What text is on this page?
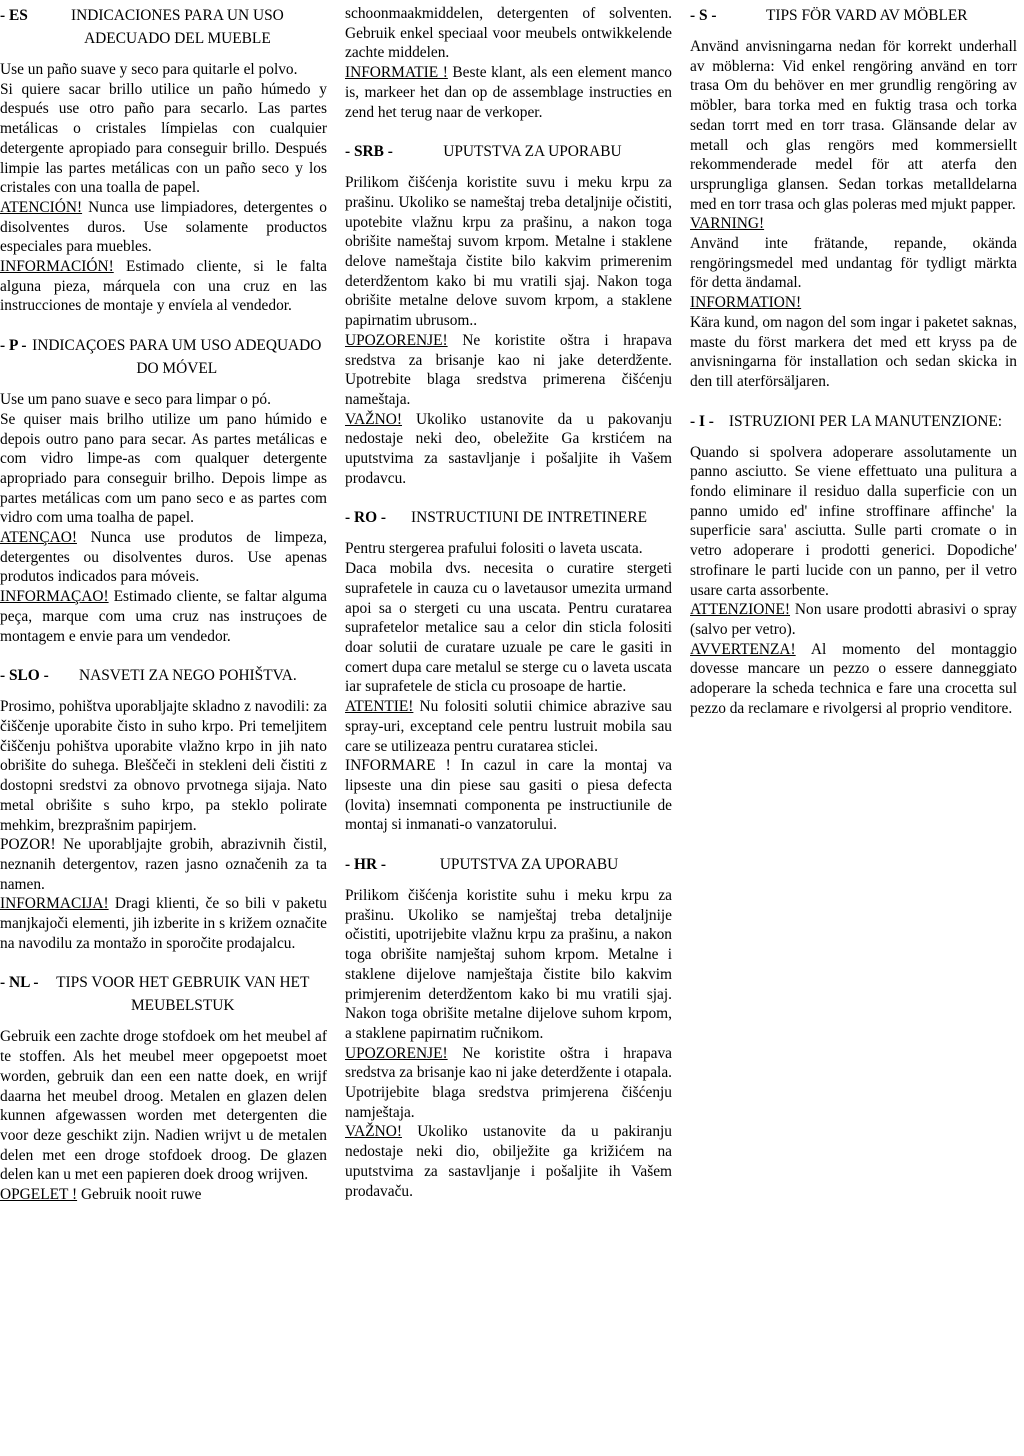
- ES	INDICACIONES PARA UN USO ADECUADO DEL MUEBLE

Use un paño suave y seco para quitarle el polvo.

Si quiere sacar brillo utilice un paño húmedo y después use otro paño para secarlo. Las partes metálicas o cristales límpielas con cualquier detergente apropiado para conseguir brillo. Después limpie las partes metálicas con un paño seco y los cristales con una toalla de papel.

ATENCIÓN! Nunca use limpiadores, detergentes o disolventes duros. Use solamente productos especiales para muebles.

INFORMACIÓN! Estimado cliente, si le falta alguna pieza, márquela con una cruz en las instrucciones de montaje y envíela al vendedor.

- P - INDICAÇOES PARA UM USO ADEQUADO DO MÓVEL

Use um pano suave e seco para limpar o pó.

Se quiser mais brilho utilize um pano húmido e depois outro pano para secar. As partes metálicas e com vidro limpe-as com qualquer detergente apropriado para conseguir brilho. Depois limpe as partes metálicas com um pano seco e as partes com vidro com uma toalha de papel.

ATENÇAO! Nunca use produtos de limpeza, detergentes ou disolventes duros. Use apenas produtos indicados para móveis.

INFORMAÇAO! Estimado cliente, se faltar alguma peça, marque com uma cruz nas instruçoes de montagem e envie para um vendedor.

- SLO -	NASVETI ZA NEGO POHIŠTVA.

Prosimo, pohištva uporabljajte skladno z navodili: za čiščenje uporabite čisto in suho krpo. Pri temeljitem čiščenju pohištva uporabite vlažno krpo in jih nato obrišite do suhega. Bleščeči in stekleni deli čistiti z dostopni sredstvi za obnovo prvotnega sijaja. Nato metal obrišite s suho krpo, pa steklo polirate mehkim, brezprašnim papirjem.

POZOR! Ne uporabljajte grobih, abrazivnih čistil, neznanih detergentov, razen jasno označenih za ta namen.

INFORMACIJA! Dragi klienti, če so bili v paketu manjkajoči elementi, jih izberite in s križem označite na navodilu za montažo in sporočite prodajalcu.

- NL -	TIPS VOOR HET GEBRUIK VAN HET MEUBELSTUK

Gebruik een zachte droge stofdoek om het meubel af te stoffen. Als het meubel meer opgepoetst moet worden, gebruik dan een een natte doek, en wrijf daarna het meubel droog. Metalen en glazen delen kunnen afgewassen worden met detergenten die voor deze geschikt zijn. Nadien wrijvt u de metalen delen met een droge stofdoek droog. De glazen delen kan u met een papieren doek droog wrijven.

OPGELET ! Gebruik nooit ruwe

schoonmaakmiddelen, detergenten of solventen. Gebruik enkel speciaal voor meubels ontwikkelende zachte middelen.

INFORMATIE ! Beste klant, als een element manco is, markeer het dan op de assemblage instructies en zend het terug naar de verkoper.

- SRB -	UPUTSTVA ZA UPORABU

Prilikom čišćenja koristite suvu i meku krpu za prašinu. Ukoliko se nameštaj treba detaljnije očistiti, upotebite vlažnu krpu za prašinu, a nakon toga obrišite nameštaj suvom krpom. Metalne i staklene delove nameštaja čistite bilo kakvim primerenim deterdžentom kako bi mu vratili sjaj. Nakon toga obrišite metalne delove suvom krpom, a staklene papirnatim ubrusom..

UPOZORENJE! Ne koristite oštra i hrapava sredstva za brisanje kao ni jake deterdžente. Upotrebite blaga sredstva primerena čišćenju nameštaja.

VAŽNO! Ukoliko ustanovite da u pakovanju nedostaje neki deo, obeležite Ga krstićem na uputstvima za sastavljanje i pošaljite ih Vašem prodavcu.

- RO -	INSTRUCTIUNI DE INTRETINERE

Pentru stergerea prafului folositi o laveta uscata.

Daca mobila dvs. necesita o curatire stergeti suprafetele in cauza cu o lavetausor umezita urmand apoi sa o stergeti cu una uscata. Pentru curatarea suprafetelor metalice sau a celor din sticla folositi doar solutii de curatare uzuale pe care le gasiti in comert dupa care metalul se sterge cu o laveta uscata iar suprafetele de sticla cu prosoape de hartie.

ATENTIE! Nu folositi solutii chimice abrazive sau spray-uri, exceptand cele pentru lustruit mobila sau care se utilizeaza pentru curatarea sticlei.

INFORMARE ! In cazul in care la montaj va lipseste una din piese sau gasiti o piesa defecta (lovita) insemnati componenta pe instructiunile de montaj si inmanati-o vanzatorului.

- HR -	UPUTSTVA ZA UPORABU

Prilikom čišćenja koristite suhu i meku krpu za prašinu. Ukoliko se namještaj treba detaljnije očistiti, upotrijebite vlažnu krpu za prašinu, a nakon toga obrišite namještaj suhom krpom. Metalne i staklene dijelove namještaja čistite bilo kakvim primjerenim deterdžentom kako bi mu vratili sjaj. Nakon toga obrišite metalne dijelove suhom krpom, a staklene papirnatim ručnikom.

UPOZORENJE! Ne koristite oštra i hrapava sredstva za brisanje kao ni jake deterdžente i otapala. Upotrijebite blaga sredstva primjerena čišćenju namještaja.

VAŽNO! Ukoliko ustanovite da u pakiranju nedostaje neki dio, obilježite ga križićem na uputstvima za sastavljanje i pošaljite ih Vašem prodavaču.

- S -	TIPS FÖR VARD AV MÖBLER

Använd anvisningarna nedan för korrekt underhall av möblerna: Vid enkel rengöring använd en torr trasa Om du behöver en mer grundlig rengöring av möbler, bara torka med en fuktig trasa och torka sedan torrt med en torr trasa. Glänsande delar av metall och glas rengörs med kommersiellt rekommenderade medel för att aterfa den ursprungliga glansen. Sedan torkas metalldelarna med en torr trasa och glas poleras med mjukt papper.

VARNING!

Använd inte frätande, repande, okända rengöringsmedel med undantag för tydligt märkta för detta ändamal.

INFORMATION!

Kära kund, om nagon del som ingar i paketet saknas, maste du först markera det med ett kryss pa de anvisningarna för installation och sedan skicka in den till aterförsäljaren.

- I - ISTRUZIONI PER LA MANUTENZIONE:

Quando si spolvera adoperare assolutamente un panno asciutto. Se viene effettuato una pulitura a fondo eliminare il residuo dalla superficie con un panno umido ed' infine stroffinare affinche' la superficie sara' asciutta. Sulle parti cromate o in vetro adoperare i prodotti generici. Dopodiche' strofinare le parti lucide con un panno, per il vetro usare carta assorbente.

ATTENZIONE! Non usare prodotti abrasivi o spray (salvo per vetro).

AVVERTENZA! Al momento del montaggio dovesse mancare un pezzo o essere danneggiato adoperare la scheda technica e fare una crocetta sul pezzo da reclamare e rivolgersi al proprio venditore.
